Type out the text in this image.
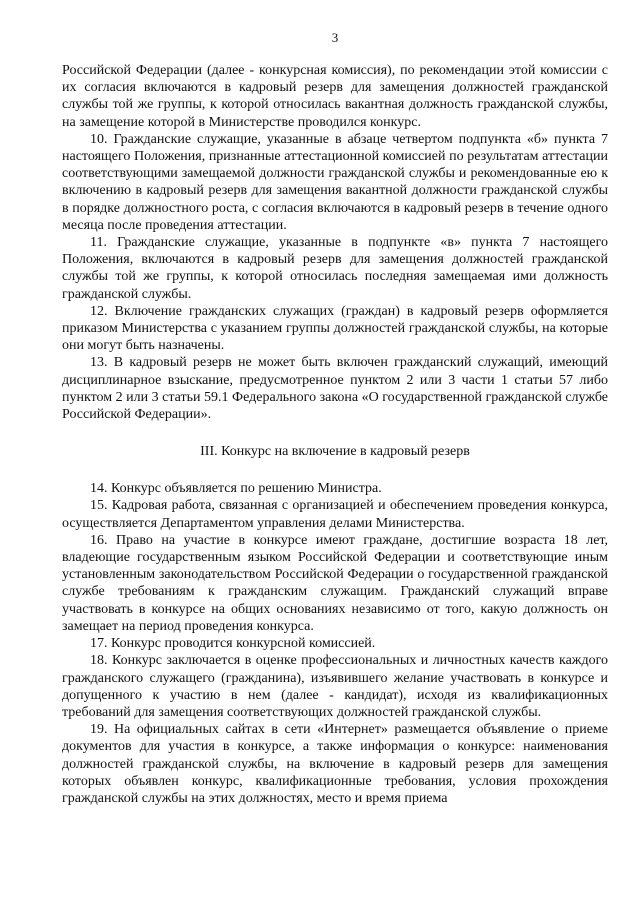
3

Российской Федерации (далее - конкурсная комиссия), по рекомендации этой комиссии с их согласия включаются в кадровый резерв для замещения должностей гражданской службы той же группы, к которой относилась вакантная должность гражданской службы, на замещение которой в Министерстве проводился конкурс.

10. Гражданские служащие, указанные в абзаце четвертом подпункта «б» пункта 7 настоящего Положения, признанные аттестационной комиссией по результатам аттестации соответствующими замещаемой должности гражданской службы и рекомендованные ею к включению в кадровый резерв для замещения вакантной должности гражданской службы в порядке должностного роста, с согласия включаются в кадровый резерв в течение одного месяца после проведения аттестации.

11. Гражданские служащие, указанные в подпункте «в» пункта 7 настоящего Положения, включаются в кадровый резерв для замещения должностей гражданской службы той же группы, к которой относилась последняя замещаемая ими должность гражданской службы.

12. Включение гражданских служащих (граждан) в кадровый резерв оформляется приказом Министерства с указанием группы должностей гражданской службы, на которые они могут быть назначены.

13. В кадровый резерв не может быть включен гражданский служащий, имеющий дисциплинарное взыскание, предусмотренное пунктом 2 или 3 части 1 статьи 57 либо пунктом 2 или 3 статьи 59.1 Федерального закона «О государственной гражданской службе Российской Федерации».

III. Конкурс на включение в кадровый резерв

14. Конкурс объявляется по решению Министра.

15. Кадровая работа, связанная с организацией и обеспечением проведения конкурса, осуществляется Департаментом управления делами Министерства.

16. Право на участие в конкурсе имеют граждане, достигшие возраста 18 лет, владеющие государственным языком Российской Федерации и соответствующие иным установленным законодательством Российской Федерации о государственной гражданской службе требованиям к гражданским служащим. Гражданский служащий вправе участвовать в конкурсе на общих основаниях независимо от того, какую должность он замещает на период проведения конкурса.

17. Конкурс проводится конкурсной комиссией.

18. Конкурс заключается в оценке профессиональных и личностных качеств каждого гражданского служащего (гражданина), изъявившего желание участвовать в конкурсе и допущенного к участию в нем (далее - кандидат), исходя из квалификационных требований для замещения соответствующих должностей гражданской службы.

19. На официальных сайтах в сети «Интернет» размещается объявление о приеме документов для участия в конкурсе, а также информация о конкурсе: наименования должностей гражданской службы, на включение в кадровый резерв для замещения которых объявлен конкурс, квалификационные требования, условия прохождения гражданской службы на этих должностях, место и время приема
